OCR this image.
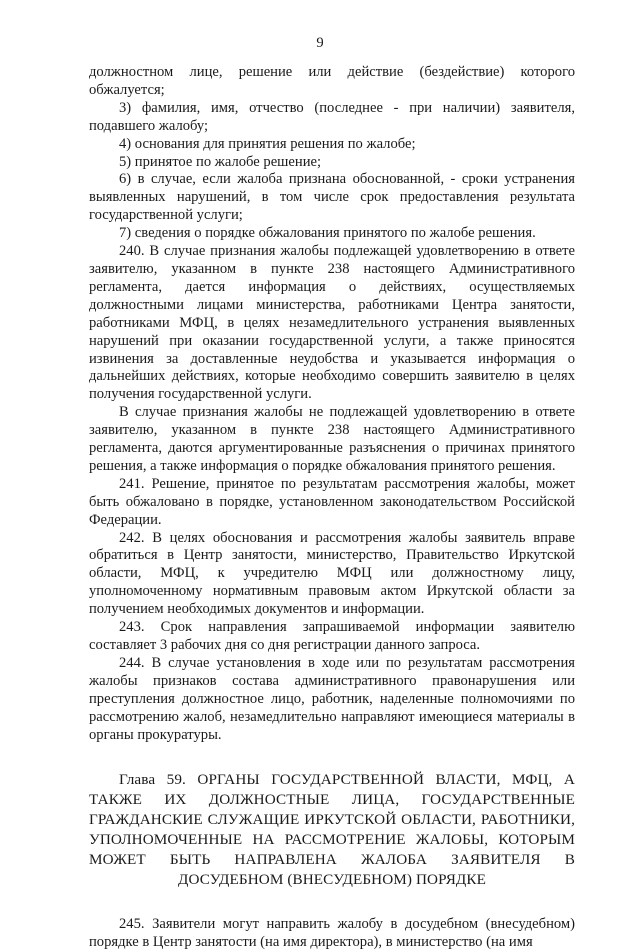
9

должностном лице, решение или действие (бездействие) которого обжалуется;

3) фамилия, имя, отчество (последнее - при наличии) заявителя, подавшего жалобу;

4) основания для принятия решения по жалобе;

5) принятое по жалобе решение;

6) в случае, если жалоба признана обоснованной, - сроки устранения выявленных нарушений, в том числе срок предоставления результата государственной услуги;

7) сведения о порядке обжалования принятого по жалобе решения.

240. В случае признания жалобы подлежащей удовлетворению в ответе заявителю, указанном в пункте 238 настоящего Административного регламента, дается информация о действиях, осуществляемых должностными лицами министерства, работниками Центра занятости, работниками МФЦ, в целях незамедлительного устранения выявленных нарушений при оказании государственной услуги, а также приносятся извинения за доставленные неудобства и указывается информация о дальнейших действиях, которые необходимо совершить заявителю в целях получения государственной услуги.

В случае признания жалобы не подлежащей удовлетворению в ответе заявителю, указанном в пункте 238 настоящего Административного регламента, даются аргументированные разъяснения о причинах принятого решения, а также информация о порядке обжалования принятого решения.

241. Решение, принятое по результатам рассмотрения жалобы, может быть обжаловано в порядке, установленном законодательством Российской Федерации.

242. В целях обоснования и рассмотрения жалобы заявитель вправе обратиться в Центр занятости, министерство, Правительство Иркутской области, МФЦ, к учредителю МФЦ или должностному лицу, уполномоченному нормативным правовым актом Иркутской области за получением необходимых документов и информации.

243. Срок направления запрашиваемой информации заявителю составляет 3 рабочих дня со дня регистрации данного запроса.

244. В случае установления в ходе или по результатам рассмотрения жалобы признаков состава административного правонарушения или преступления должностное лицо, работник, наделенные полномочиями по рассмотрению жалоб, незамедлительно направляют имеющиеся материалы в органы прокуратуры.

Глава 59. ОРГАНЫ ГОСУДАРСТВЕННОЙ ВЛАСТИ, МФЦ, А ТАКЖЕ ИХ ДОЛЖНОСТНЫЕ ЛИЦА, ГОСУДАРСТВЕННЫЕ ГРАЖДАНСКИЕ СЛУЖАЩИЕ ИРКУТСКОЙ ОБЛАСТИ, РАБОТНИКИ, УПОЛНОМОЧЕННЫЕ НА РАССМОТРЕНИЕ ЖАЛОБЫ, КОТОРЫМ МОЖЕТ БЫТЬ НАПРАВЛЕНА ЖАЛОБА ЗАЯВИТЕЛЯ В ДОСУДЕБНОМ (ВНЕСУДЕБНОМ) ПОРЯДКЕ

245. Заявители могут направить жалобу в досудебном (внесудебном) порядке в Центр занятости (на имя директора), в министерство (на имя
